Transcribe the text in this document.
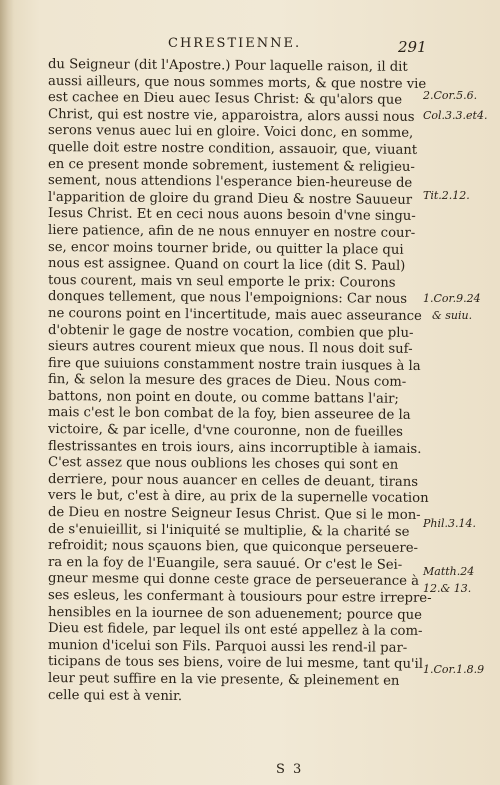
CHRESTIENNE.	291
du Seigneur (dit l'Apostre.) Pour laquelle raison, il dit
aussi ailleurs, que nous sommes morts, & que nostre vie
est cachee en Dieu auec Iesus Christ: & qu'alors que
Christ, qui est nostre vie, apparoistra, alors aussi nous
serons venus auec lui en gloire. Voici donc, en somme,
quelle doit estre nostre condition, assauoir, que, viuant
en ce present monde sobrement, iustement & religieu-
sement, nous attendions l'esperance bien-heureuse de
l'apparition de gloire du grand Dieu & nostre Sauueur
Iesus Christ. Et en ceci nous auons besoin d'vne singu-
liere patience, afin de ne nous ennuyer en nostre cour-
se, encor moins tourner bride, ou quitter la place qui
nous est assignee. Quand on court la lice (dit S. Paul)
tous courent, mais vn seul emporte le prix: Courons
donques tellement, que nous l'empoignions: Car nous
ne courons point en l'incertitude, mais auec asseurance
d'obtenir le gage de nostre vocation, combien que plu-
sieurs autres courent mieux que nous. Il nous doit suf-
fire que suiuions constamment nostre train iusques à la
fin, & selon la mesure des graces de Dieu. Nous com-
battons, non point en doute, ou comme battans l'air;
mais c'est le bon combat de la foy, bien asseuree de la
victoire, & par icelle, d'vne couronne, non de fueilles
flestrissantes en trois iours, ains incorruptible à iamais.
C'est assez que nous oublions les choses qui sont en
derriere, pour nous auancer en celles de deuant, tirans
vers le but, c'est à dire, au prix de la supernelle vocation
de Dieu en nostre Seigneur Iesus Christ. Que si le mon-
de s'enuieillit, si l'iniquité se multiplie, & la charité se
refroidit; nous sçauons bien, que quiconque perseuere-
ra en la foy de l'Euangile, sera sauué. Or c'est le Sei-
gneur mesme qui donne ceste grace de perseuerance à
ses esleus, les confermant à tousiours pour estre irrepre-
hensibles en la iournee de son aduenement; pource que
Dieu est fidele, par lequel ils ont esté appellez à la com-
munion d'icelui son Fils. Parquoi aussi les rend-il par-
ticipans de tous ses biens, voire de lui mesme, tant qu'il
leur peut suffire en la vie presente, & pleinement en
celle qui est à venir.
2.Cor.5.6.
Col.3.3.et4.
Tit.2.12.
1.Cor.9.24
& suiu.
Phil.3.14.
Matth.24
12.& 13.
1.Cor.1.8.9
S 3
